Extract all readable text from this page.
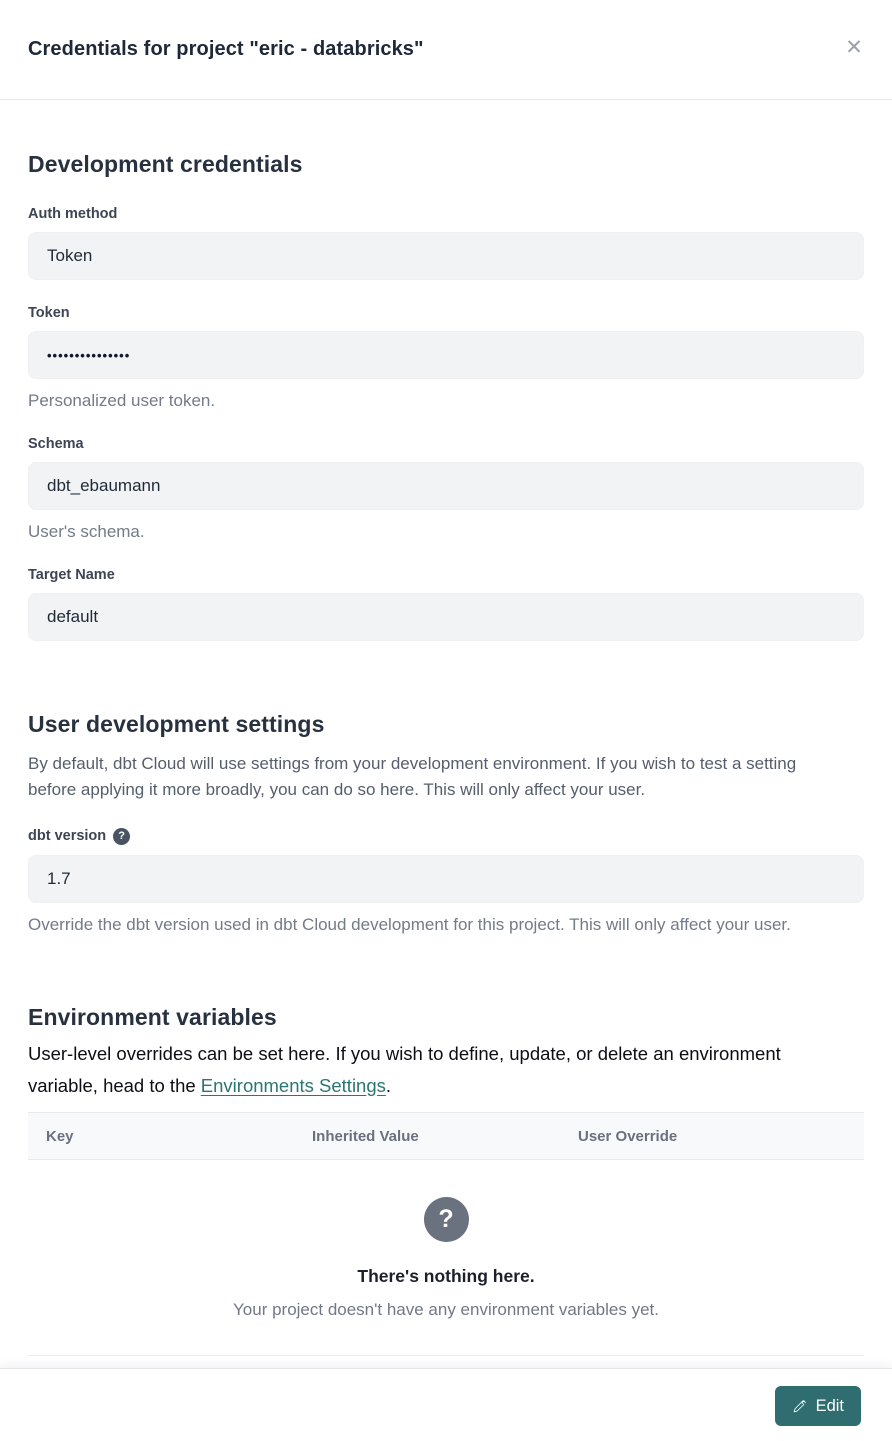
Credentials for project "eric - databricks"	✕
Development credentials
Auth method
Token
Token
•••••••••••••••
Personalized user token.
Schema
dbt_ebaumann
User's schema.
Target Name
default
User development settings

By default, dbt Cloud will use settings from your development environment. If you wish to test a setting before applying it more broadly, you can do so here. This will only affect your user.

dbt version	?
1.7
Override the dbt version used in dbt Cloud development for this project. This will only affect your user.
Environment variables

User-level overrides can be set here. If you wish to define, update, or delete an environment variable, head to the Environments Settings.

Key	Inherited Value	User Override
?
There's nothing here.
Your project doesn't have any environment variables yet.
Edit
